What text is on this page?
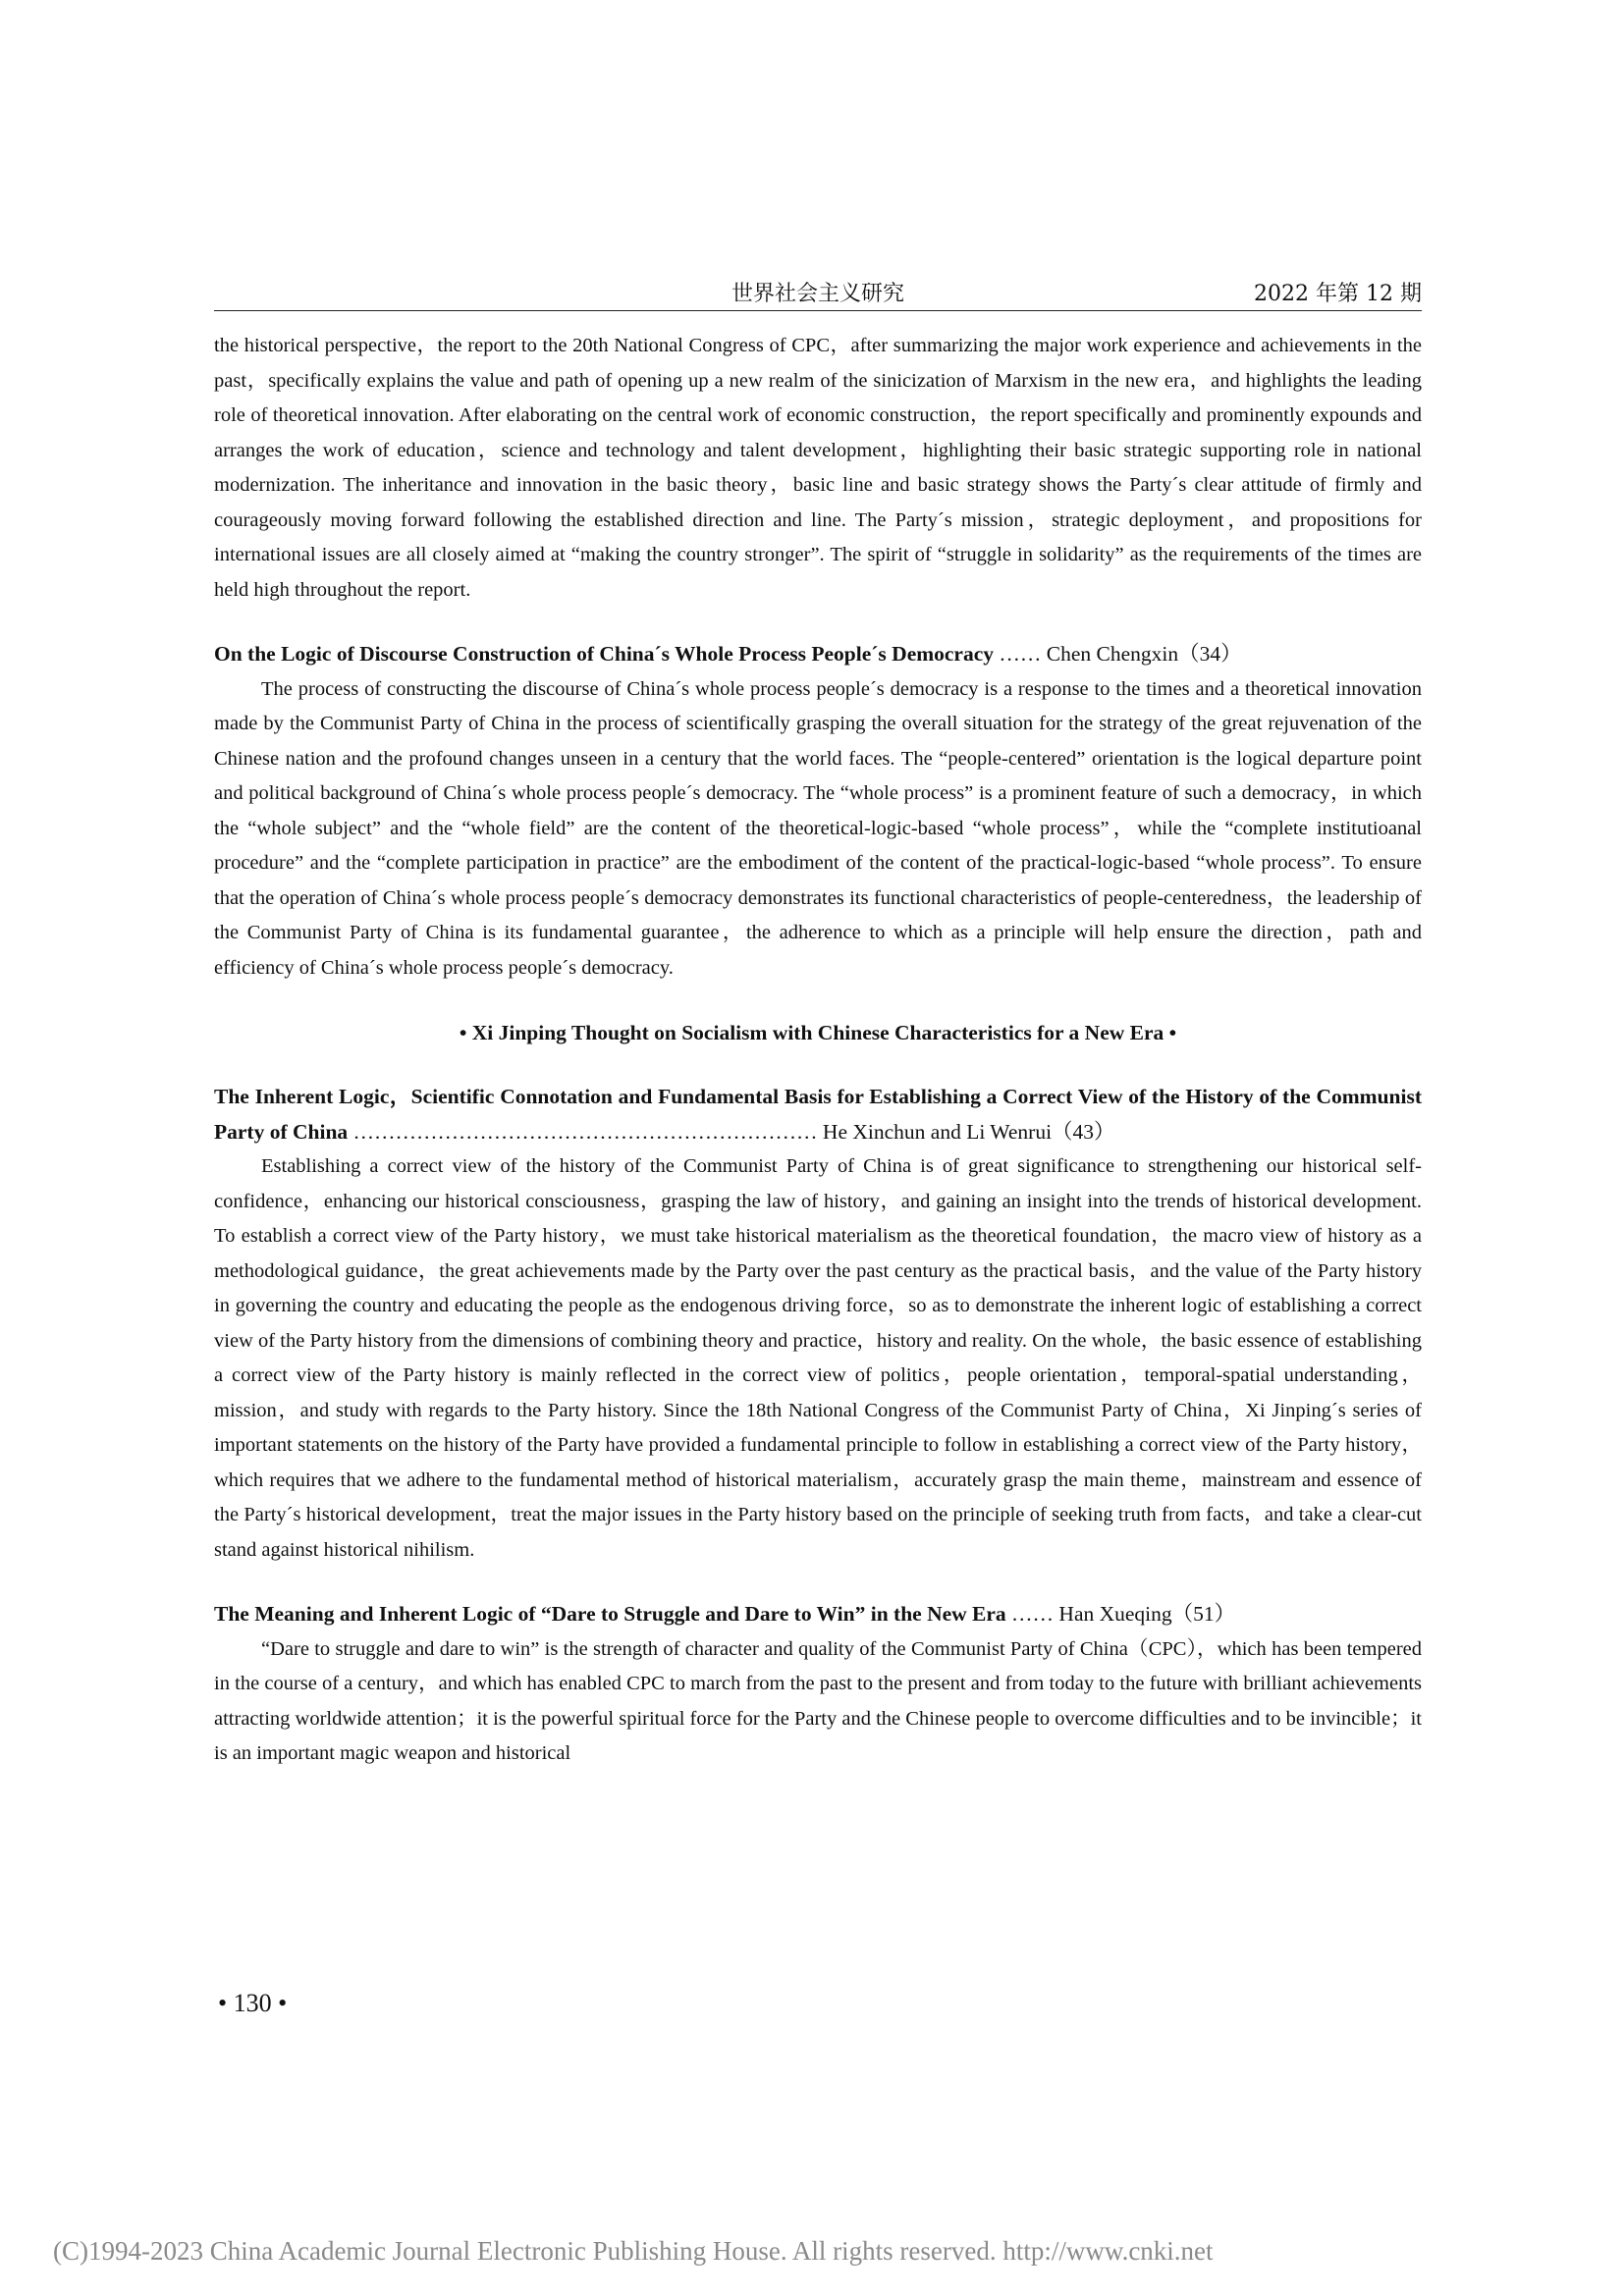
世界社会主义研究	2022 年第 12 期

the historical perspective，the report to the 20th National Congress of CPC，after summarizing the major work experience and achievements in the past，specifically explains the value and path of opening up a new realm of the sinicization of Marxism in the new era，and highlights the leading role of theoretical innovation. After elaborating on the central work of economic construction，the report specifically and prominently expounds and arranges the work of education，science and technology and talent development，highlighting their basic strategic supporting role in national modernization. The inheritance and innovation in the basic theory，basic line and basic strategy shows the Party´s clear attitude of firmly and courageously moving forward following the established direction and line. The Party´s mission，strategic deployment，and propositions for international issues are all closely aimed at “making the country stronger”. The spirit of “struggle in solidarity” as the requirements of the times are held high throughout the report.

On the Logic of Discourse Construction of China´s Whole Process People´s Democracy …… Chen Chengxin（34）

The process of constructing the discourse of China´s whole process people´s democracy is a response to the times and a theoretical innovation made by the Communist Party of China in the process of scientifically grasping the overall situation for the strategy of the great rejuvenation of the Chinese nation and the profound changes unseen in a century that the world faces. The “people-centered” orientation is the logical departure point and political background of China´s whole process people´s democracy. The “whole process” is a prominent feature of such a democracy，in which the “whole subject” and the “whole field” are the content of the theoretical-logic-based “whole process”，while the “complete institutioanal procedure” and the “complete participation in practice” are the embodiment of the content of the practical-logic-based “whole process”. To ensure that the operation of China´s whole process people´s democracy demonstrates its functional characteristics of people-centeredness，the leadership of the Communist Party of China is its fundamental guarantee，the adherence to which as a principle will help ensure the direction，path and efficiency of China´s whole process people´s democracy.

• Xi Jinping Thought on Socialism with Chinese Characteristics for a New Era •
The Inherent Logic，Scientific Connotation and Fundamental Basis for Establishing a Correct View of the History of the Communist Party of China ………………………………………………………… He Xinchun and Li Wenrui（43）

Establishing a correct view of the history of the Communist Party of China is of great significance to strengthening our historical self-confidence，enhancing our historical consciousness，grasping the law of history，and gaining an insight into the trends of historical development. To establish a correct view of the Party history，we must take historical materialism as the theoretical foundation，the macro view of history as a methodological guidance，the great achievements made by the Party over the past century as the practical basis，and the value of the Party history in governing the country and educating the people as the endogenous driving force，so as to demonstrate the inherent logic of establishing a correct view of the Party history from the dimensions of combining theory and practice，history and reality. On the whole，the basic essence of establishing a correct view of the Party history is mainly reflected in the correct view of politics，people orientation，temporal-spatial understanding，mission，and study with regards to the Party history. Since the 18th National Congress of the Communist Party of China，Xi Jinping´s series of important statements on the history of the Party have provided a fundamental principle to follow in establishing a correct view of the Party history，which requires that we adhere to the fundamental method of historical materialism，accurately grasp the main theme，mainstream and essence of the Party´s historical development，treat the major issues in the Party history based on the principle of seeking truth from facts，and take a clear-cut stand against historical nihilism.

The Meaning and Inherent Logic of “Dare to Struggle and Dare to Win” in the New Era …… Han Xueqing（51）

“Dare to struggle and dare to win” is the strength of character and quality of the Communist Party of China（CPC），which has been tempered in the course of a century，and which has enabled CPC to march from the past to the present and from today to the future with brilliant achievements attracting worldwide attention；it is the powerful spiritual force for the Party and the Chinese people to overcome difficulties and to be invincible；it is an important magic weapon and historical

• 130 •
(C)1994-2023 China Academic Journal Electronic Publishing House. All rights reserved. http://www.cnki.net
